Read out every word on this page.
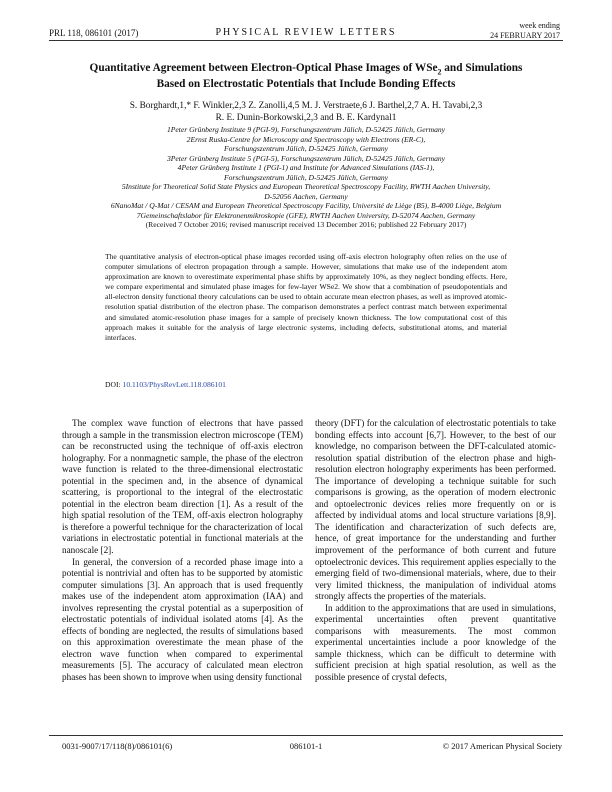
PRL 118, 086101 (2017)	PHYSICAL REVIEW LETTERS
week ending
24 FEBRUARY 2017
Quantitative Agreement between Electron-Optical Phase Images of WSe$_2$ and Simulations
Based on Electrostatic Potentials that Include Bonding Effects
S. Borghardt,1,* F. Winkler,2,3 Z. Zanolli,4,5 M. J. Verstraete,6 J. Barthel,2,7 A. H. Tavabi,2,3
R. E. Dunin-Borkowski,2,3 and B. E. Kardynal1
1Peter Grünberg Institute 9 (PGI-9), Forschungszentrum Jülich, D-52425 Jülich, Germany
2Ernst Ruska-Centre for Microscopy and Spectroscopy with Electrons (ER-C),
Forschungszentrum Jülich, D-52425 Jülich, Germany
3Peter Grünberg Institute 5 (PGI-5), Forschungszentrum Jülich, D-52425 Jülich, Germany
4Peter Grünberg Institute 1 (PGI-1) and Institute for Advanced Simulations (IAS-1),
Forschungszentrum Jülich, D-52425 Jülich, Germany
5Institute for Theoretical Solid State Physics and European Theoretical Spectroscopy Facility, RWTH Aachen University,
D-52056 Aachen, Germany
6NanoMat / Q-Mat / CESAM and European Theoretical Spectroscopy Facility, Université de Liège (B5), B-4000 Liège, Belgium
7Gemeinschaftslabor für Elektronenmikroskopie (GFE), RWTH Aachen University, D-52074 Aachen, Germany
(Received 7 October 2016; revised manuscript received 13 December 2016; published 22 February 2017)
The quantitative analysis of electron-optical phase images recorded using off-axis electron holography often relies on the use of computer simulations of electron propagation through a sample. However, simulations that make use of the independent atom approximation are known to overestimate experimental phase shifts by approximately 10%, as they neglect bonding effects. Here, we compare experimental and simulated phase images for few-layer WSe2. We show that a combination of pseudopotentials and all-electron density functional theory calculations can be used to obtain accurate mean electron phases, as well as improved atomic-resolution spatial distribution of the electron phase. The comparison demonstrates a perfect contrast match between experimental and simulated atomic-resolution phase images for a sample of precisely known thickness. The low computational cost of this approach makes it suitable for the analysis of large electronic systems, including defects, substitutional atoms, and material interfaces.
DOI: 10.1103/PhysRevLett.118.086101

The complex wave function of electrons that have passed through a sample in the transmission electron microscope (TEM) can be reconstructed using the technique of off-axis electron holography. For a nonmagnetic sample, the phase of the electron wave function is related to the three-dimensional electrostatic potential in the specimen and, in the absence of dynamical scattering, is proportional to the integral of the electrostatic potential in the electron beam direction [1]. As a result of the high spatial resolution of the TEM, off-axis electron holography is therefore a powerful technique for the characterization of local variations in electrostatic potential in functional materials at the nanoscale [2].

In general, the conversion of a recorded phase image into a potential is nontrivial and often has to be supported by atomistic computer simulations [3]. An approach that is used frequently makes use of the independent atom approximation (IAA) and involves representing the crystal potential as a superposition of electrostatic potentials of individual isolated atoms [4]. As the effects of bonding are neglected, the results of simulations based on this approximation overestimate the mean phase of the electron wave function when compared to experimental measurements [5]. The accuracy of calculated mean electron phases has been shown to improve when using density functional

theory (DFT) for the calculation of electrostatic potentials to take bonding effects into account [6,7]. However, to the best of our knowledge, no comparison between the DFT-calculated atomic-resolution spatial distribution of the electron phase and high-resolution electron holography experiments has been performed. The importance of developing a technique suitable for such comparisons is growing, as the operation of modern electronic and optoelectronic devices relies more frequently on or is affected by individual atoms and local structure variations [8,9]. The identification and characterization of such defects are, hence, of great importance for the understanding and further improvement of the performance of both current and future optoelectronic devices. This requirement applies especially to the emerging field of two-dimensional materials, where, due to their very limited thickness, the manipulation of individual atoms strongly affects the properties of the materials.

In addition to the approximations that are used in simulations, experimental uncertainties often prevent quantitative comparisons with measurements. The most common experimental uncertainties include a poor knowledge of the sample thickness, which can be difficult to determine with sufficient precision at high spatial resolution, as well as the possible presence of crystal defects,

0031-9007/17/118(8)/086101(6)	086101-1	© 2017 American Physical Society
